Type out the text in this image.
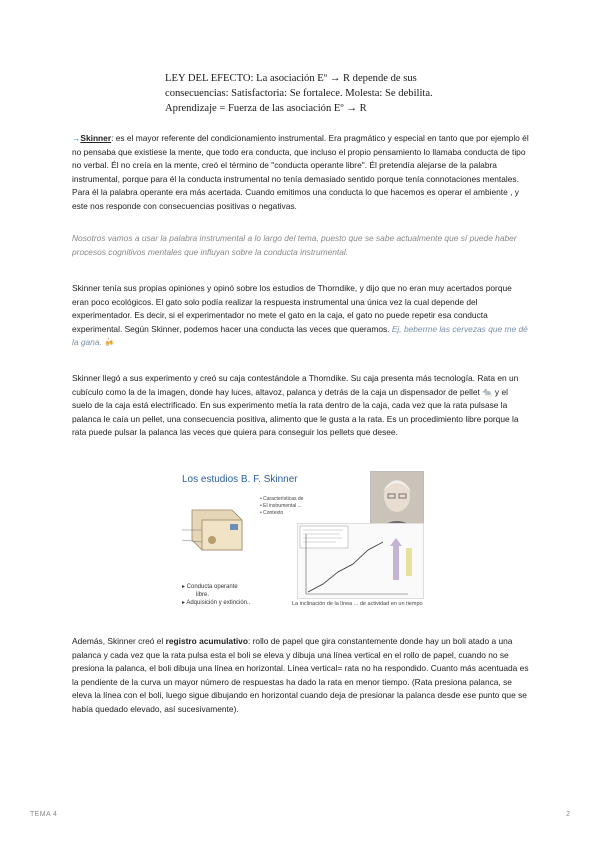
LEY DEL EFECTO: La asociación Eº → R depende de sus
consecuencias: Satisfactoria: Se fortalece. Molesta: Se debilita.
Aprendizaje = Fuerza de las asociación Eº → R
→Skinner: es el mayor referente del condicionamiento instrumental. Era pragmático y especial en tanto que por ejemplo él no pensaba que existiese la mente, que todo era conducta, que incluso el propio pensamiento lo llamaba conducta de tipo no verbal. Él no creía en la mente, creó el término de "conducta operante libre". Él pretendía alejarse de la palabra instrumental, porque para él la conducta instrumental no tenía demasiado sentido porque tenía connotaciones mentales. Para él la palabra operante era más acertada. Cuando emitimos una conducta lo que hacemos es operar el ambiente , y este nos responde con consecuencias positivas o negativas.
Nosotros vamos a usar la palabra instrumental a lo largo del tema, puesto que se sabe actualmente que sí puede haber procesos cognitivos mentales que influyan sobre la conducta instrumental.
Skinner tenía sus propias opiniones y opinó sobre los estudios de Thorndike, y dijo que no eran muy acertados porque eran poco ecológicos. El gato solo podía realizar la respuesta instrumental una única vez la cual depende del experimentador. Es decir, si el experimentador no mete el gato en la caja, el gato no puede repetir esa conducta experimental. Según Skinner, podemos hacer una conducta las veces que queramos. Ej, beberme las cervezas que me dé la gana. 🍻
Skinner llegó a sus experimento y creó su caja contestándole a Thorndike. Su caja presenta más tecnología. Rata en un cubículo como la de la imagen, donde hay luces, altavoz, palanca y detrás de la caja un dispensador de pellet 🐀 y el suelo de la caja está electrificado. En sus experimento metía la rata dentro de la caja, cada vez que la rata pulsase la palanca le caía un pellet, una consecuencia positiva, alimento que le gusta a la rata. Es un procedimiento libre porque la rata puede pulsar la palanca las veces que quiera para conseguir los pellets que desee.
Los estudios B. F. Skinner
• Características de
• El instrumental ...
• Contexto
▸ Conducta operante
libre.
▸ Adquisición y extinción..	La inclinación de la línea ... de actividad en un tiempo
Además, Skinner creó el registro acumulativo: rollo de papel que gira constantemente donde hay un boli atado a una palanca y cada vez que la rata pulsa esta el boli se eleva y dibuja una línea vertical en el rollo de papel, cuando no se presiona la palanca, el boli dibuja una línea en horizontal. Línea vertical= rata no ha respondido. Cuanto más acentuada es la pendiente de la curva un mayor número de respuestas ha dado la rata en menor tiempo. (Rata presiona palanca, se eleva la línea con el boli, luego sigue dibujando en horizontal cuando deja de presionar la palanca desde ese punto que se había quedado elevado, así sucesivamente).
TEMA 4	2
